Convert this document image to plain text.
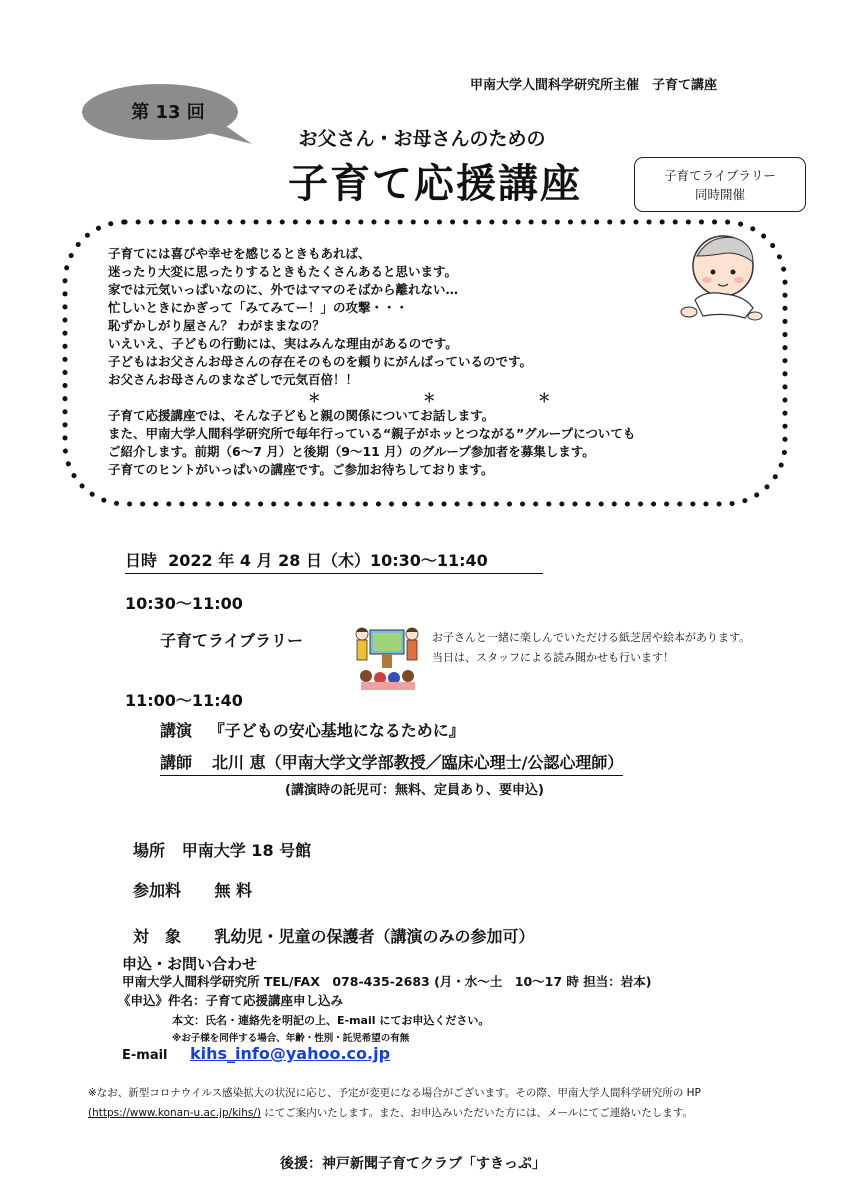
甲南大学人間科学研究所主催　子育て講座
第 13 回
お父さん・お母さんのための
子育て応援講座	子育てライブラリー
同時開催
子育てには喜びや幸せを感じるときもあれば、
迷ったり大変に思ったりするときもたくさんあると思います。
家では元気いっぱいなのに、外ではママのそばから離れない…
忙しいときにかぎって「みてみてー！」の攻撃・・・
恥ずかしがり屋さん？ わがままなの？
いえいえ、子どもの行動には、実はみんな理由があるのです。
子どもはお父さんお母さんの存在そのものを頼りにがんばっているのです。
お父さんお母さんのまなざしで元気百倍！！
＊	＊	＊
子育て応援講座では、そんな子どもと親の関係についてお話します。
また、甲南大学人間科学研究所で毎年行っている“親子がホッとつながる”グループについても
ご紹介します。前期（6～7 月）と後期（9～11 月）のグループ参加者を募集します。
子育てのヒントがいっぱいの講座です。ご参加お待ちしております。
日時 2022 年 4 月 28 日（木）10:30～11:40
10:30～11:00
子育てライブラリー	お子さんと一緒に楽しんでいただける紙芝居や絵本があります。
当日は、スタッフによる読み聞かせも行います！
11:00～11:40
講演 『子どもの安心基地になるために』
講師 北川 恵（甲南大学文学部教授／臨床心理士/公認心理師）
(講演時の託児可：無料、定員あり、要申込)
場所 甲南大学 18 号館
参加料 無 料
対　象 乳幼児・児童の保護者（講演のみの参加可）
申込・お問い合わせ
甲南大学人間科学研究所 TEL/FAX　078-435-2683 (月・水～土　10～17 時 担当：岩本)
《申込》件名：子育て応援講座申し込み
本文：氏名・連絡先を明記の上、E-mail にてお申込ください。
※お子様を同伴する場合、年齢・性別・託児希望の有無
E-mail kihs_info@yahoo.co.jp
※なお、新型コロナウイルス感染拡大の状況に応じ、予定が変更になる場合がございます。その際、甲南大学人間科学研究所の HP
(https://www.konan-u.ac.jp/kihs/) にてご案内いたします。また、お申込みいただいた方には、メールにてご連絡いたします。
後援：神戸新聞子育てクラブ「すきっぷ」
